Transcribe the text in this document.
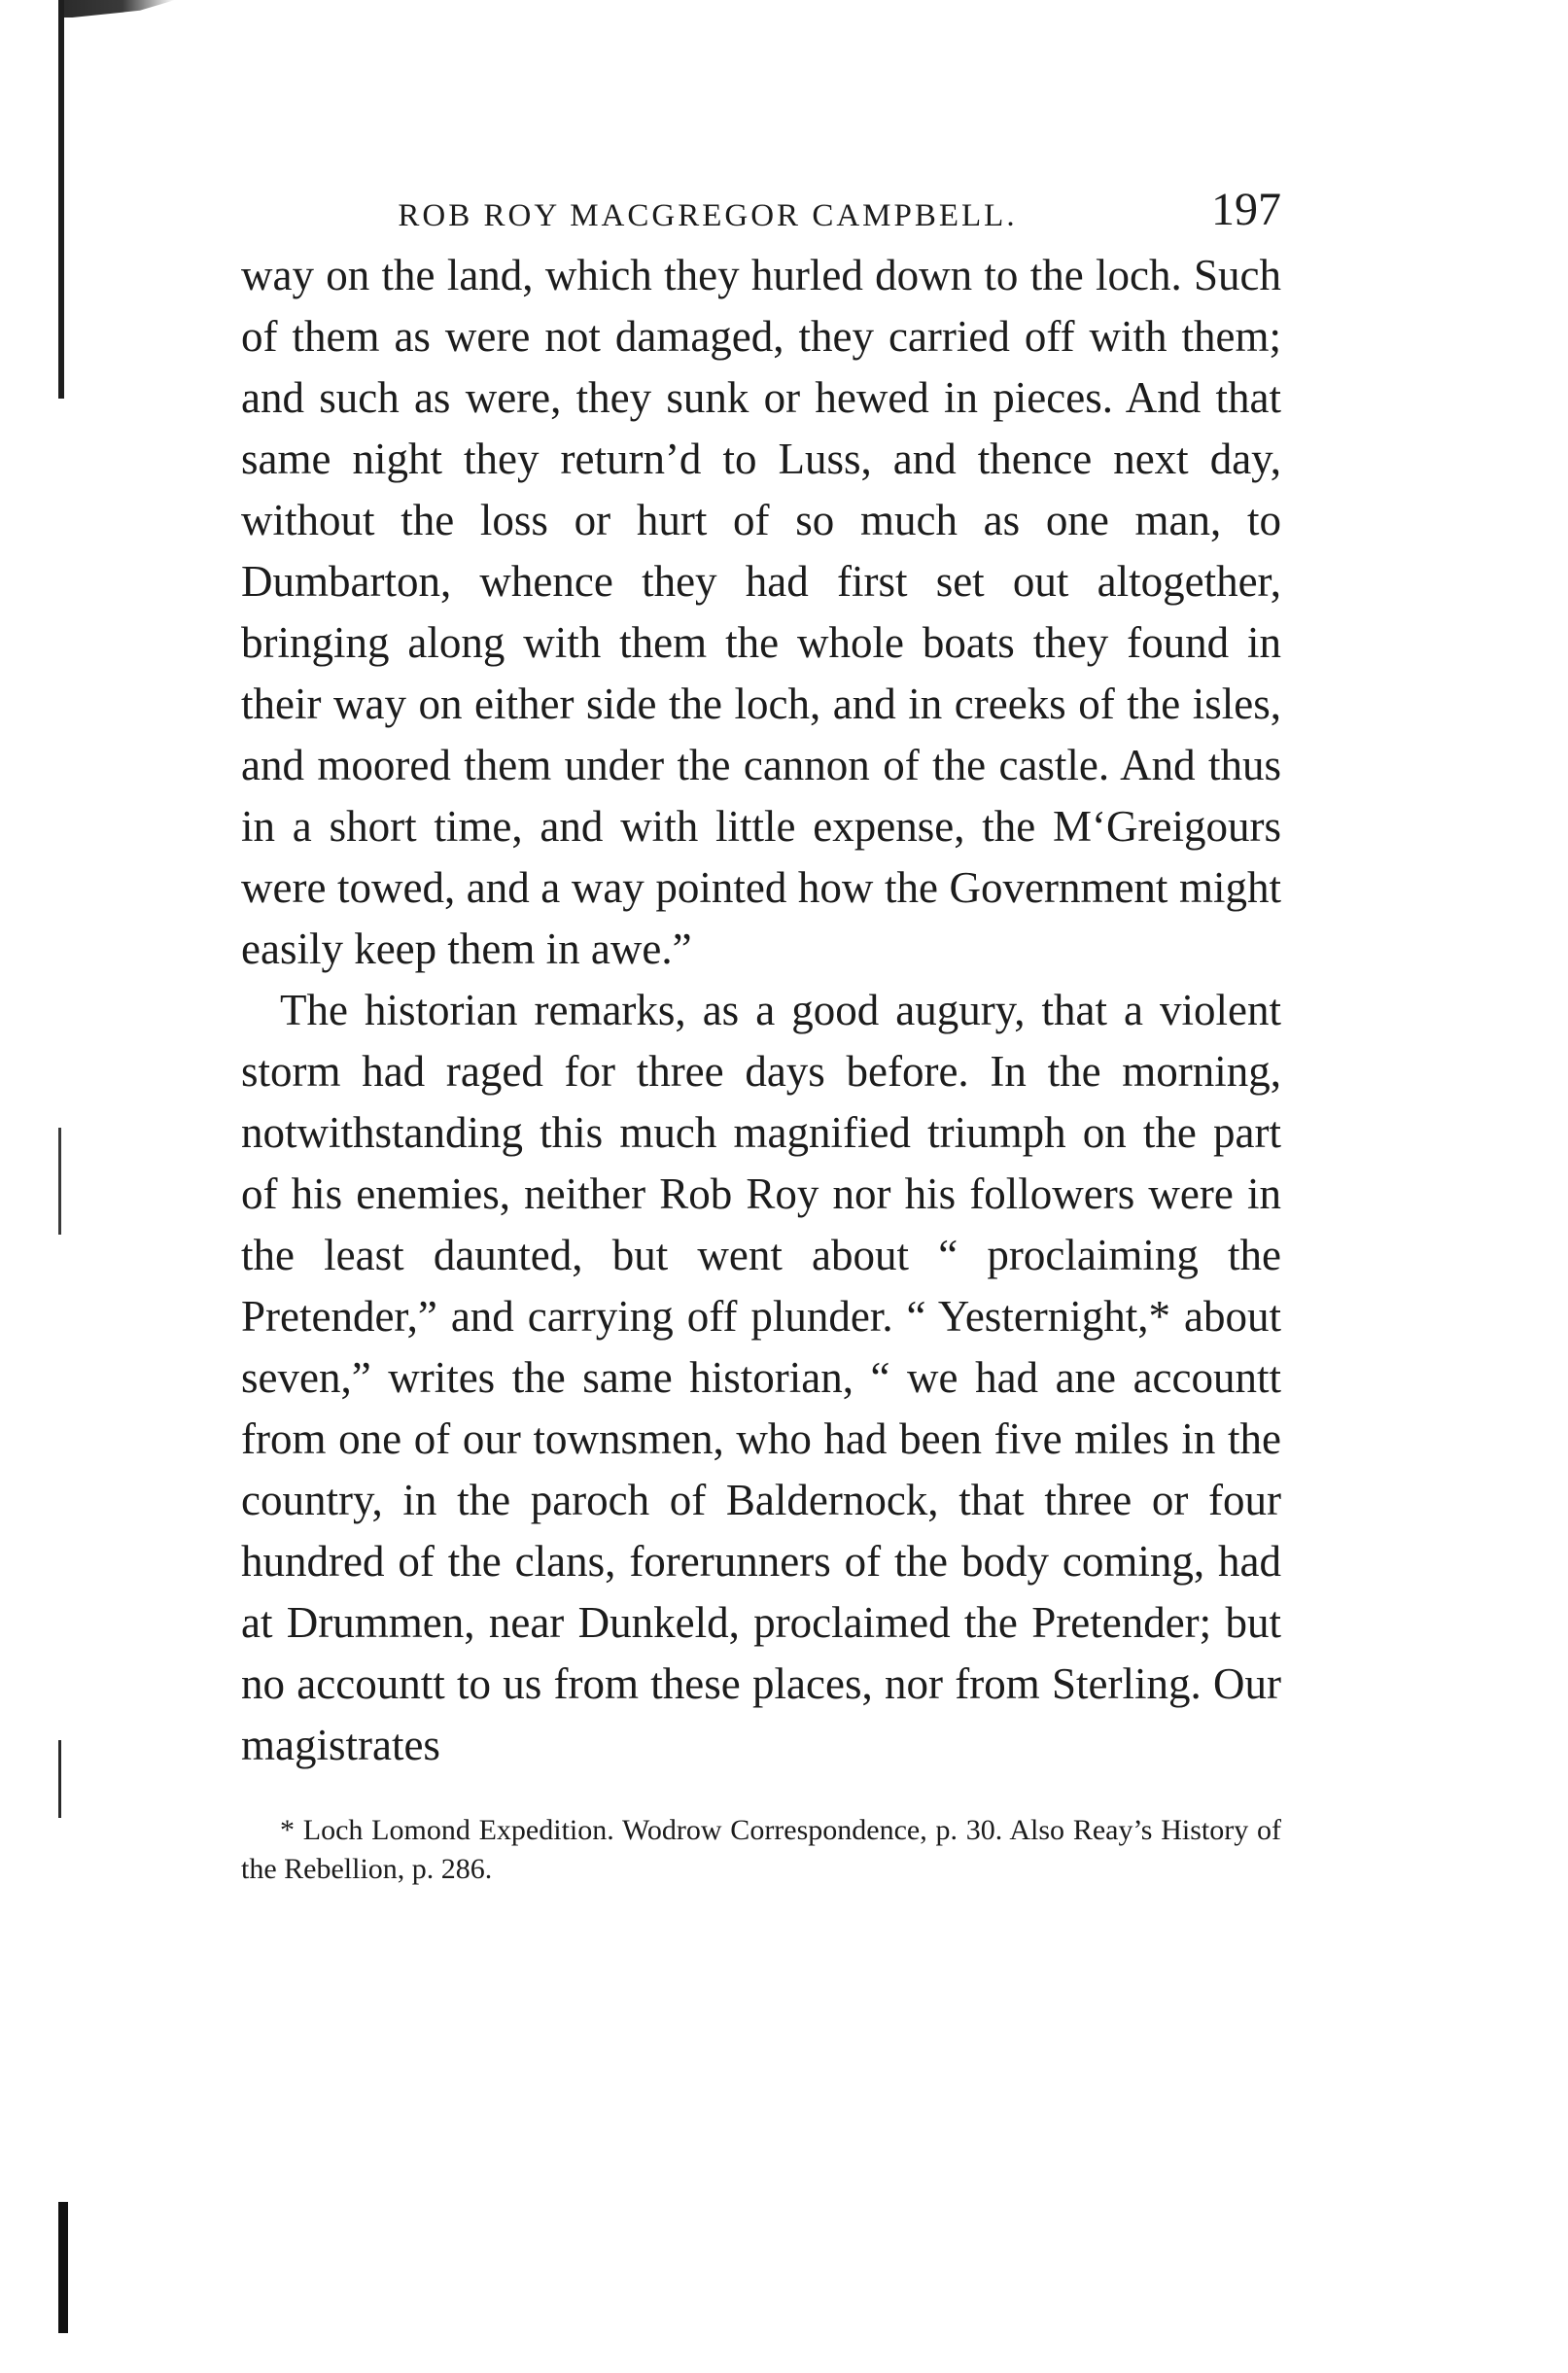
ROB ROY MACGREGOR CAMPBELL.	197

way on the land, which they hurled down to the loch. Such of them as were not damaged, they carried off with them; and such as were, they sunk or hewed in pieces. And that same night they return’d to Luss, and thence next day, without the loss or hurt of so much as one man, to Dumbarton, whence they had first set out altogether, bringing along with them the whole boats they found in their way on either side the loch, and in creeks of the isles, and moored them under the cannon of the castle. And thus in a short time, and with little expense, the M‘Greigours were towed, and a way pointed how the Government might easily keep them in awe.”

The historian remarks, as a good augury, that a violent storm had raged for three days before. In the morning, notwithstanding this much magnified triumph on the part of his enemies, neither Rob Roy nor his followers were in the least daunted, but went about “ proclaiming the Pretender,” and carrying off plunder. “ Yesternight,* about seven,” writes the same historian, “ we had ane accountt from one of our townsmen, who had been five miles in the country, in the paroch of Baldernock, that three or four hundred of the clans, forerunners of the body coming, had at Drummen, near Dunkeld, proclaimed the Pretender; but no accountt to us from these places, nor from Sterling. Our magistrates

* Loch Lomond Expedition. Wodrow Correspondence, p. 30. Also Reay’s History of the Rebellion, p. 286.
